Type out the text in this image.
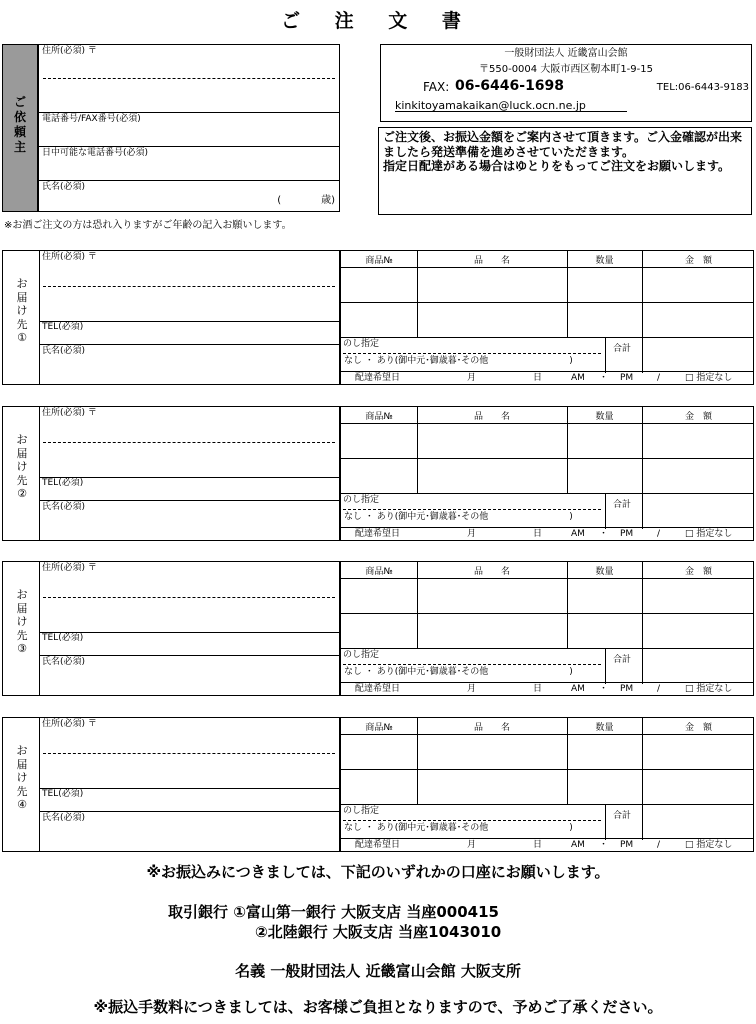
ご 注 文 書
ご
依
頼
主
住所(必須) 〒
電話番号/FAX番号(必須)
日中可能な電話番号(必須)
氏名(必須)
(　　　　歳)
一般財団法人 近畿富山会館
〒550-0004 大阪市西区靭本町1-9-15
FAX: 06-6446-1698	TEL:06-6443-9183
kinkitoyamakaikan@luck.ocn.ne.jp
ご注文後、お振込金額をご案内させて頂きます。ご入金確認が出来ましたら発送準備を進めさせていただきます。
指定日配達がある場合はゆとりをもってご注文をお願いします。
※お酒ご注文の方は恐れ入りますがご年齢の記入お願いします。
お
届
け
先
①
住所(必須) 〒
TEL(必須)
氏名(必須)
商品№	品　　名	数量	金　額
のし指定
なし ・ あり(御中元･御歳暮･その他　　　　　　　　　)
合計
配達希望日	月	日	AM ・ PM	/	□ 指定なし
お
届
け
先
②
住所(必須) 〒
TEL(必須)
氏名(必須)
商品№	品　　名	数量	金　額
のし指定
なし ・ あり(御中元･御歳暮･その他　　　　　　　　　)
合計
配達希望日	月	日	AM ・ PM	/	□ 指定なし
お
届
け
先
③
住所(必須) 〒
TEL(必須)
氏名(必須)
商品№	品　　名	数量	金　額
のし指定
なし ・ あり(御中元･御歳暮･その他　　　　　　　　　)
合計
配達希望日	月	日	AM ・ PM	/	□ 指定なし
お
届
け
先
④
住所(必須) 〒
TEL(必須)
氏名(必須)
商品№	品　　名	数量	金　額
のし指定
なし ・ あり(御中元･御歳暮･その他　　　　　　　　　)
合計
配達希望日	月	日	AM ・ PM	/	□ 指定なし
※お振込みにつきましては、下記のいずれかの口座にお願いします。
取引銀行 ①富山第一銀行 大阪支店 当座000415
②北陸銀行 大阪支店 当座1043010
名義 一般財団法人 近畿富山会館 大阪支所
※振込手数料につきましては、お客様ご負担となりますので、予めご了承ください。
